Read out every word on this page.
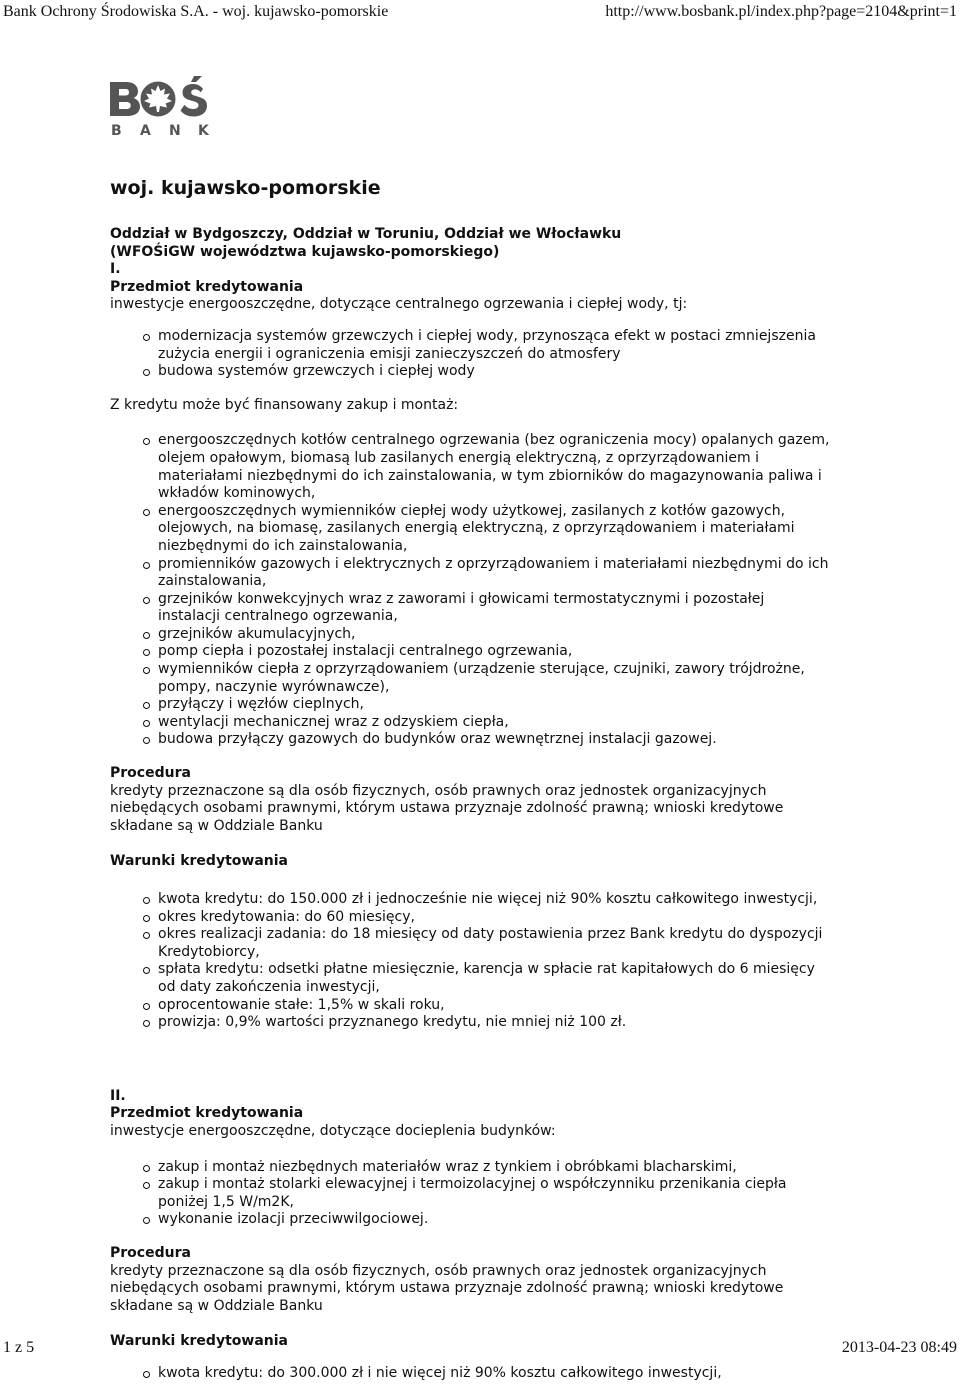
Bank Ochrony Środowiska S.A. - woj. kujawsko-pomorskie	http://www.bosbank.pl/index.php?page=2104&print=1
B A N K
woj. kujawsko-pomorskie

Oddział w Bydgoszczy, Oddział w Toruniu, Oddział we Włocławku

(WFOŚiGW województwa kujawsko-pomorskiego)

I.

Przedmiot kredytowania

inwestycje energooszczędne, dotyczące centralnego ogrzewania i ciepłej wody, tj:

modernizacja systemów grzewczych i ciepłej wody, przynosząca efekt w postaci zmniejszenia zużycia energii i ograniczenia emisji zanieczyszczeń do atmosfery
budowa systemów grzewczych i ciepłej wody

Z kredytu może być finansowany zakup i montaż:

energooszczędnych kotłów centralnego ogrzewania (bez ograniczenia mocy) opalanych gazem, olejem opałowym, biomasą lub zasilanych energią elektryczną, z oprzyrządowaniem i materiałami niezbędnymi do ich zainstalowania, w tym zbiorników do magazynowania paliwa i wkładów kominowych,
energooszczędnych wymienników ciepłej wody użytkowej, zasilanych z kotłów gazowych, olejowych, na biomasę, zasilanych energią elektryczną, z oprzyrządowaniem i materiałami niezbędnymi do ich zainstalowania,
promienników gazowych i elektrycznych z oprzyrządowaniem i materiałami niezbędnymi do ich zainstalowania,
grzejników konwekcyjnych wraz z zaworami i głowicami termostatycznymi i pozostałej instalacji centralnego ogrzewania,
grzejników akumulacyjnych,
pomp ciepła i pozostałej instalacji centralnego ogrzewania,
wymienników ciepła z oprzyrządowaniem (urządzenie sterujące, czujniki, zawory trójdrożne, pompy, naczynie wyrównawcze),
przyłączy i węzłów cieplnych,
wentylacji mechanicznej wraz z odzyskiem ciepła,
budowa przyłączy gazowych do budynków oraz wewnętrznej instalacji gazowej.

Procedura

kredyty przeznaczone są dla osób fizycznych, osób prawnych oraz jednostek organizacyjnych niebędących osobami prawnymi, którym ustawa przyznaje zdolność prawną; wnioski kredytowe składane są w Oddziale Banku

Warunki kredytowania

kwota kredytu: do 150.000 zł i jednocześnie nie więcej niż 90% kosztu całkowitego inwestycji,
okres kredytowania: do 60 miesięcy,
okres realizacji zadania: do 18 miesięcy od daty postawienia przez Bank kredytu do dyspozycji Kredytobiorcy,
spłata kredytu: odsetki płatne miesięcznie, karencja w spłacie rat kapitałowych do 6 miesięcy od daty zakończenia inwestycji,
oprocentowanie stałe: 1,5% w skali roku,
prowizja: 0,9% wartości przyznanego kredytu, nie mniej niż 100 zł.

II.

Przedmiot kredytowania

inwestycje energooszczędne, dotyczące docieplenia budynków:

zakup i montaż niezbędnych materiałów wraz z tynkiem i obróbkami blacharskimi,
zakup i montaż stolarki elewacyjnej i termoizolacyjnej o współczynniku przenikania ciepła poniżej 1,5 W/m2K,
wykonanie izolacji przeciwwilgociowej.

Procedura

kredyty przeznaczone są dla osób fizycznych, osób prawnych oraz jednostek organizacyjnych niebędących osobami prawnymi, którym ustawa przyznaje zdolność prawną; wnioski kredytowe składane są w Oddziale Banku

Warunki kredytowania

kwota kredytu: do 300.000 zł i nie więcej niż 90% kosztu całkowitego inwestycji,
1 z 5	2013-04-23 08:49
